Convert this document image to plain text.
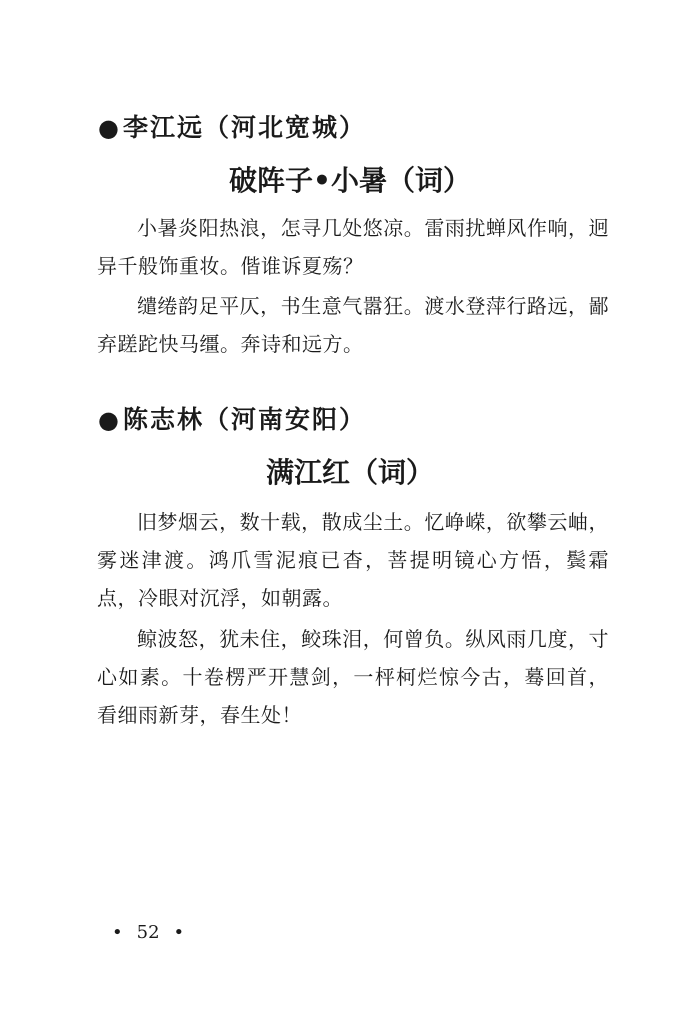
●李江远（河北宽城）
破阵子•小暑（词）
小暑炎阳热浪，怎寻几处悠凉。雷雨扰蝉风作响，迥异千般饰重妆。偕谁诉夏殇？
缱绻韵足平仄，书生意气嚣狂。渡水登萍行路远，鄙弃蹉跎快马缰。奔诗和远方。
●陈志林（河南安阳）
满江红（词）
旧梦烟云，数十载，散成尘土。忆峥嵘，欲攀云岫，雾迷津渡。鸿爪雪泥痕已杳，菩提明镜心方悟，鬓霜点，冷眼对沉浮，如朝露。
鲸波怒，犹未住，鲛珠泪，何曾负。纵风雨几度，寸心如素。十卷楞严开慧剑，一枰柯烂惊今古，蓦回首，看细雨新芽，春生处！
• 52 •
